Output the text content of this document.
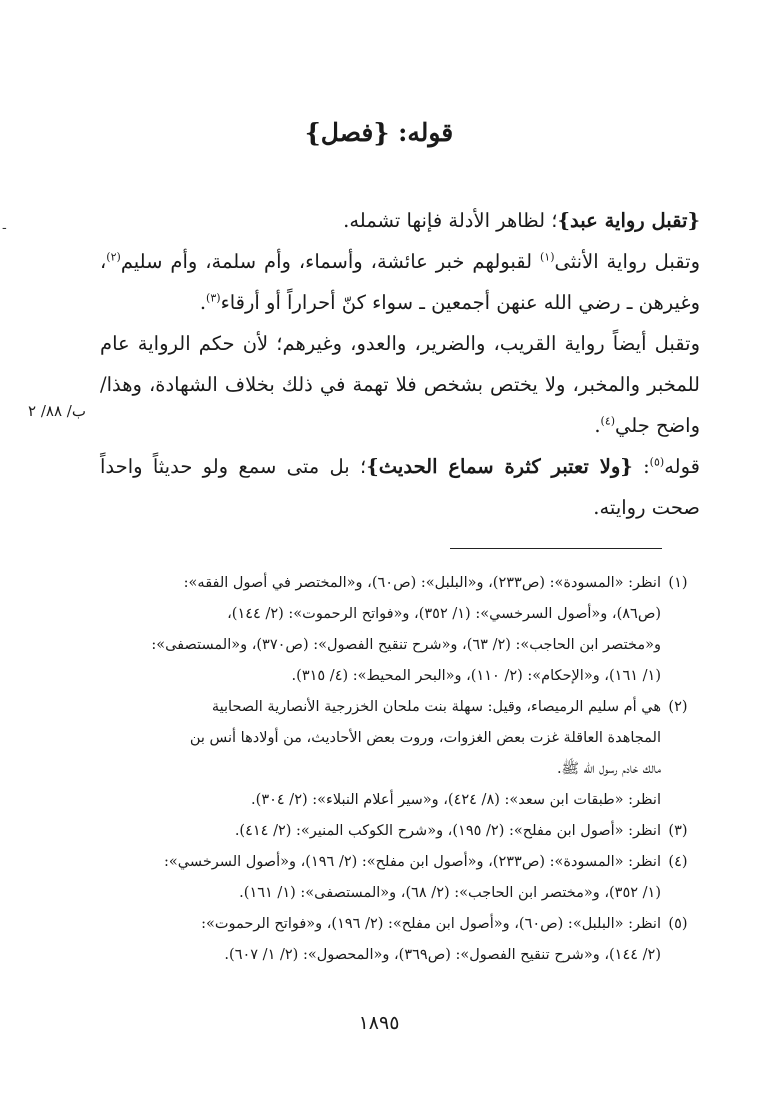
-
قوله: {فصل}

{تقبل رواية عبد}؛ لظاهر الأدلة فإنها تشمله.

وتقبل رواية الأنثى$^{(١)}$ لقبولهم خبر عائشة، وأسماء، وأم سلمة، وأم سليم$^{(٢)}$، وغيرهن ـ رضي الله عنهن أجمعين ـ سواء كنّ أحراراً أو أرقاء$^{(٣)}$.

وتقبل أيضاً رواية القريب، والضرير، والعدو، وغيرهم؛ لأن حكم الرواية عام للمخبر والمخبر، ولا يختص بشخص فلا تهمة في ذلك بخلاف الشهادة، وهذا/ واضح جلي$^{(٤)}$.

قوله$^{(٥)}$: {ولا تعتبر كثرة سماع الحديث}؛ بل متى سمع ولو حديثاً واحداً صحت روايته.

ب/ ٨٨/ ٢
(١)
انظر: «المسودة»: (ص٢٣٣)، و«البلبل»: (ص٦٠)، و«المختصر في أصول الفقه»:
(ص٨٦)، و«أصول السرخسي»: (١/ ٣٥٢)، و«فواتح الرحموت»: (٢/ ١٤٤)،
و«مختصر ابن الحاجب»: (٢/ ٦٣)، و«شرح تنقيح الفصول»: (ص٣٧٠)، و«المستصفى»:
(١/ ١٦١)، و«الإحكام»: (٢/ ١١٠)، و«البحر المحيط»: (٤/ ٣١٥).
(٢)
هي أم سليم الرميصاء، وقيل: سهلة بنت ملحان الخزرجية الأنصارية الصحابية
المجاهدة العاقلة غزت بعض الغزوات، وروت بعض الأحاديث، من أولادها أنس بن
مالك خادم رسول الله ﷺ.
انظر: «طبقات ابن سعد»: (٨/ ٤٢٤)، و«سير أعلام النبلاء»: (٢/ ٣٠٤).
(٣)
انظر: «أصول ابن مفلح»: (٢/ ١٩٥)، و«شرح الكوكب المنير»: (٢/ ٤١٤).
(٤)
انظر: «المسودة»: (ص٢٣٣)، و«أصول ابن مفلح»: (٢/ ١٩٦)، و«أصول السرخسي»:
(١/ ٣٥٢)، و«مختصر ابن الحاجب»: (٢/ ٦٨)، و«المستصفى»: (١/ ١٦١).
(٥)
انظر: «البلبل»: (ص٦٠)، و«أصول ابن مفلح»: (٢/ ١٩٦)، و«فواتح الرحموت»:
(٢/ ١٤٤)، و«شرح تنقيح الفصول»: (ص٣٦٩)، و«المحصول»: (٢/ ١/ ٦٠٧).
١٨٩٥
